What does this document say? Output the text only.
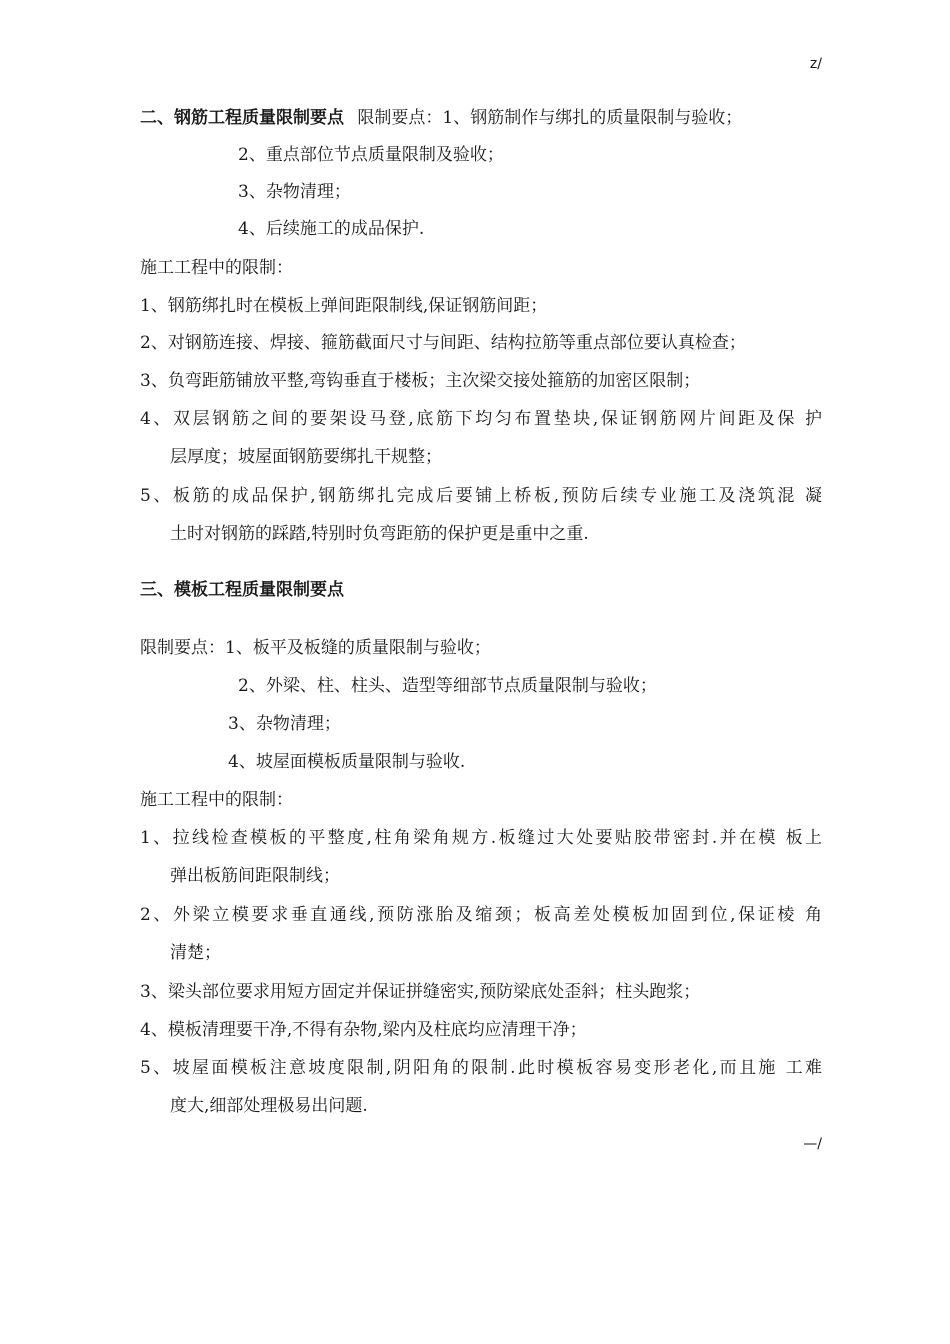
z/
二、钢筋工程质量限制要点 限制要点：1、钢筋制作与绑扎的质量限制与验收；
2、重点部位节点质量限制及验收；
3、杂物清理；
4、后续施工的成品保护.
施工工程中的限制：
1、钢筋绑扎时在模板上弹间距限制线,保证钢筋间距；
2、对钢筋连接、焊接、箍筋截面尺寸与间距、结构拉筋等重点部位要认真检查；
3、负弯距筋铺放平整,弯钩垂直于楼板；主次梁交接处箍筋的加密区限制；
4、双层钢筋之间的要架设马登,底筋下均匀布置垫块,保证钢筋网片间距及保 护
层厚度；坡屋面钢筋要绑扎干规整；
5、板筋的成品保护,钢筋绑扎完成后要铺上桥板,预防后续专业施工及浇筑混 凝
土时对钢筋的踩踏,特别时负弯距筋的保护更是重中之重.
三、模板工程质量限制要点
限制要点：1、板平及板缝的质量限制与验收；
2、外梁、柱、柱头、造型等细部节点质量限制与验收；
3、杂物清理；
4、坡屋面模板质量限制与验收.
施工工程中的限制：
1、拉线检查模板的平整度,柱角梁角规方.板缝过大处要贴胶带密封.并在模 板上
弹出板筋间距限制线；
2、外梁立模要求垂直通线,预防涨胎及缩颈；板高差处模板加固到位,保证棱 角
清楚；
3、梁头部位要求用短方固定并保证拼缝密实,预防梁底处歪斜；柱头跑浆；
4、模板清理要干净,不得有杂物,梁内及柱底均应清理干净；
5、坡屋面模板注意坡度限制,阴阳角的限制.此时模板容易变形老化,而且施 工难
度大,细部处理极易出问题.
—/
